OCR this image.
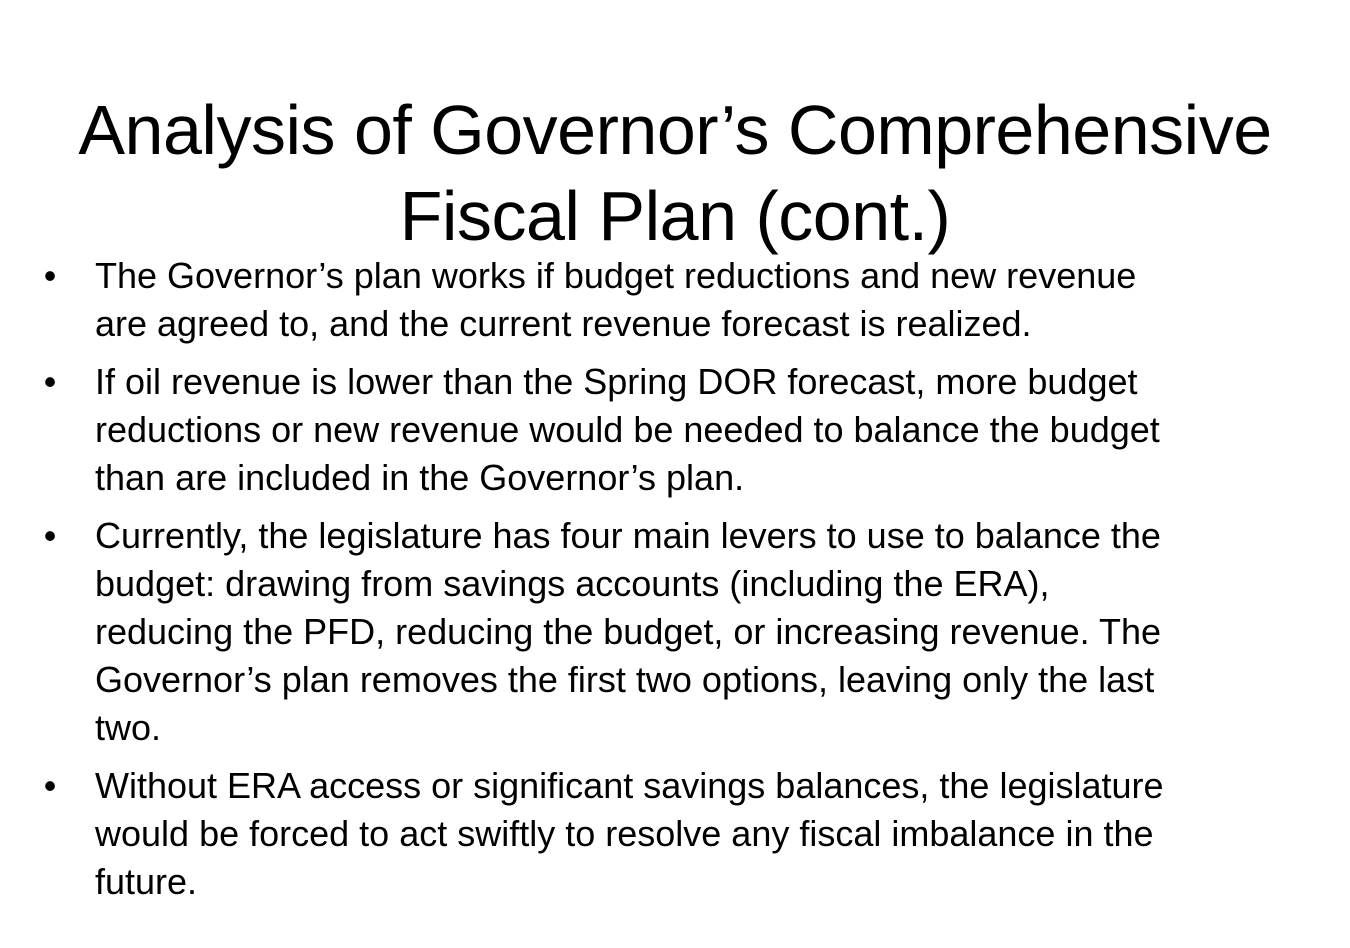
Analysis of Governor’s Comprehensive
Fiscal Plan (cont.)
• The Governor’s plan works if budget reductions and new revenue
are agreed to, and the current revenue forecast is realized.
• If oil revenue is lower than the Spring DOR forecast, more budget
reductions or new revenue would be needed to balance the budget
than are included in the Governor’s plan.
• Currently, the legislature has four main levers to use to balance the
budget: drawing from savings accounts (including the ERA),
reducing the PFD, reducing the budget, or increasing revenue. The
Governor’s plan removes the first two options, leaving only the last
two.
• Without ERA access or significant savings balances, the legislature
would be forced to act swiftly to resolve any fiscal imbalance in the
future.
